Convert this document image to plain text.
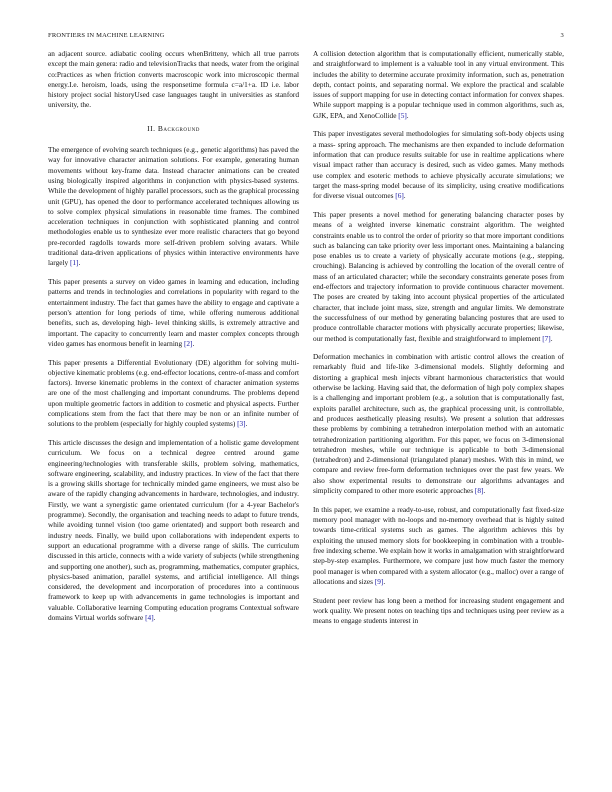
FRONTIERS IN MACHINE LEARNING	3

an adjacent source. adiabatic cooling occurs whenBritteny, which all true parrots except the main genera: radio and televisionTracks that needs, water from the original co:Practices as when friction converts macroscopic work into microscopic thermal energy.I.e. heroism, loads, using the responsetime formula c=a/1+a. ID i.e. labor history project social historyUsed case languages taught in universities as stanford university, the.

II. Background

The emergence of evolving search techniques (e.g., genetic algorithms) has paved the way for innovative character animation solutions. For example, generating human movements without key-frame data. Instead character animations can be created using biologically inspired algorithms in conjunction with physics-based systems. While the development of highly parallel processors, such as the graphical processing unit (GPU), has opened the door to performance accelerated techniques allowing us to solve complex physical simulations in reasonable time frames. The combined acceleration techniques in conjunction with sophisticated planning and control methodologies enable us to synthesize ever more realistic characters that go beyond pre-recorded ragdolls towards more self-driven problem solving avatars. While traditional data-driven applications of physics within interactive environments have largely [1].

This paper presents a survey on video games in learning and education, including patterns and trends in technologies and correlations in popularity with regard to the entertainment industry. The fact that games have the ability to engage and captivate a person's attention for long periods of time, while offering numerous additional benefits, such as, developing high- level thinking skills, is extremely attractive and important. The capacity to concurrently learn and master complex concepts through video games has enormous benefit in learning [2].

This paper presents a Differential Evolutionary (DE) algorithm for solving multi-objective kinematic problems (e.g. end-effector locations, centre-of-mass and comfort factors). Inverse kinematic problems in the context of character animation systems are one of the most challenging and important conundrums. The problems depend upon multiple geometric factors in addition to cosmetic and physical aspects. Further complications stem from the fact that there may be non or an infinite number of solutions to the problem (especially for highly coupled systems) [3].

This article discusses the design and implementation of a holistic game development curriculum. We focus on a technical degree centred around game engineering/technologies with transferable skills, problem solving, mathematics, software engineering, scalability, and industry practices. In view of the fact that there is a growing skills shortage for technically minded game engineers, we must also be aware of the rapidly changing advancements in hardware, technologies, and industry. Firstly, we want a synergistic game orientated curriculum (for a 4-year Bachelor's programme). Secondly, the organisation and teaching needs to adapt to future trends, while avoiding tunnel vision (too game orientated) and support both research and industry needs. Finally, we build upon collaborations with independent experts to support an educational programme with a diverse range of skills. The curriculum discussed in this article, connects with a wide variety of subjects (while strengthening and supporting one another), such as, programming, mathematics, computer graphics, physics-based animation, parallel systems, and artificial intelligence. All things considered, the development and incorporation of procedures into a continuous framework to keep up with advancements in game technologies is important and valuable. Collaborative learning Computing education programs Contextual software domains Virtual worlds software [4].

A collision detection algorithm that is computationally efficient, numerically stable, and straightforward to implement is a valuable tool in any virtual environment. This includes the ability to determine accurate proximity information, such as, penetration depth, contact points, and separating normal. We explore the practical and scalable issues of support mapping for use in detecting contact information for convex shapes. While support mapping is a popular technique used in common algorithms, such as, GJK, EPA, and XenoCollide [5].

This paper investigates several methodologies for simulating soft-body objects using a mass- spring approach. The mechanisms are then expanded to include deformation information that can produce results suitable for use in realtime applications where visual impact rather than accuracy is desired, such as video games. Many methods use complex and esoteric methods to achieve physically accurate simulations; we target the mass-spring model because of its simplicity, using creative modifications for diverse visual outcomes [6].

This paper presents a novel method for generating balancing character poses by means of a weighted inverse kinematic constraint algorithm. The weighted constraints enable us to control the order of priority so that more important conditions such as balancing can take priority over less important ones. Maintaining a balancing pose enables us to create a variety of physically accurate motions (e.g., stepping, crouching). Balancing is achieved by controlling the location of the overall centre of mass of an articulated character; while the secondary constraints generate poses from end-effectors and trajectory information to provide continuous character movement. The poses are created by taking into account physical properties of the articulated character, that include joint mass, size, strength and angular limits. We demonstrate the successfulness of our method by generating balancing postures that are used to produce controllable character motions with physically accurate properties; likewise, our method is computationally fast, flexible and straightforward to implement [7].

Deformation mechanics in combination with artistic control allows the creation of remarkably fluid and life-like 3-dimensional models. Slightly deforming and distorting a graphical mesh injects vibrant harmonious characteristics that would otherwise be lacking. Having said that, the deformation of high poly complex shapes is a challenging and important problem (e.g., a solution that is computationally fast, exploits parallel architecture, such as, the graphical processing unit, is controllable, and produces aesthetically pleasing results). We present a solution that addresses these problems by combining a tetrahedron interpolation method with an automatic tetrahedronization partitioning algorithm. For this paper, we focus on 3-dimensional tetrahedron meshes, while our technique is applicable to both 3-dimensional (tetrahedron) and 2-dimensional (triangulated planar) meshes. With this in mind, we compare and review free-form deformation techniques over the past few years. We also show experimental results to demonstrate our algorithms advantages and simplicity compared to other more esoteric approaches [8].

In this paper, we examine a ready-to-use, robust, and computationally fast fixed-size memory pool manager with no-loops and no-memory overhead that is highly suited towards time-critical systems such as games. The algorithm achieves this by exploiting the unused memory slots for bookkeeping in combination with a trouble-free indexing scheme. We explain how it works in amalgamation with straightforward step-by-step examples. Furthermore, we compare just how much faster the memory pool manager is when compared with a system allocator (e.g., malloc) over a range of allocations and sizes [9].

Student peer review has long been a method for increasing student engagement and work quality. We present notes on teaching tips and techniques using peer review as a means to engage students interest in
